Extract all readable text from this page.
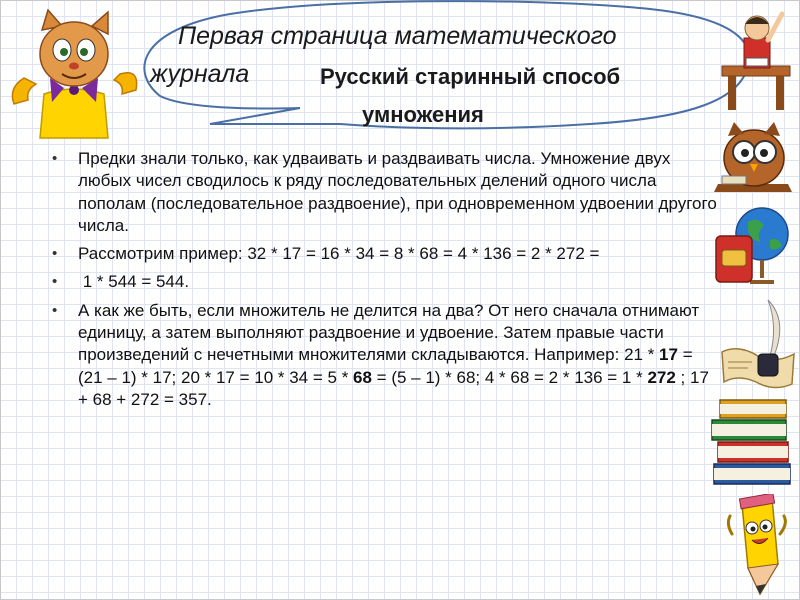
Первая страница математического
журнала	Русский старинный способ
умножения
• Предки знали только, как удваивать и раздваивать числа. Умножение двух любых чисел сводилось к ряду последовательных делений одного числа пополам (последовательное раздвоение), при одновременном удвоении другого числа.

• Рассмотрим пример: 32 * 17 = 16 * 34 = 8 * 68 = 4 * 136 = 2 * 272 =

• 1 * 544 = 544.

• А как же быть, если множитель не делится на два? От него сначала отнимают единицу, а затем выполняют раздвоение и удвоение. Затем правые части произведений с нечетными множителями складываются. Например: 21 * 17 = (21 – 1) * 17; 20 * 17 = 10 * 34 = 5 * 68 = (5 – 1) * 68; 4 * 68 = 2 * 136 = 1 * 272 ; 17 + 68 + 272 = 357.
